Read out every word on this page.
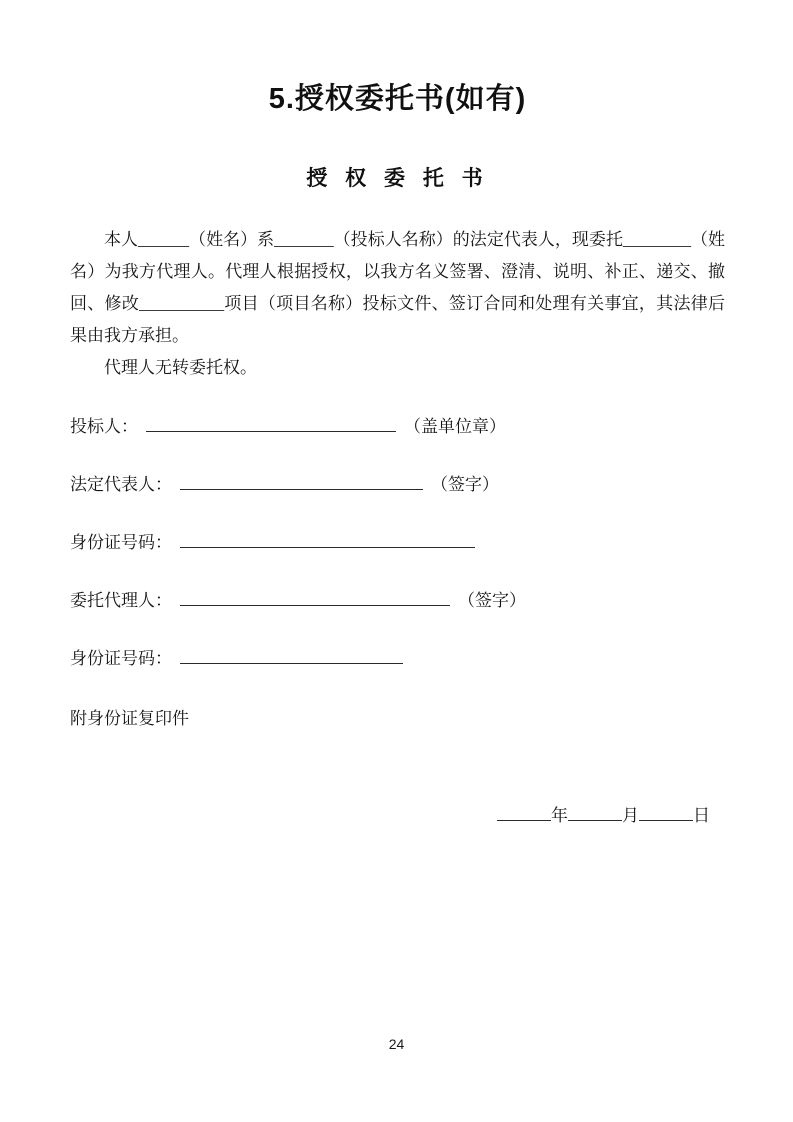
5.授权委托书(如有)
授 权 委 托 书

本人______（姓名）系_______（投标人名称）的法定代表人，现委托________（姓名）为我方代理人。代理人根据授权，以我方名义签署、澄清、说明、补正、递交、撤回、修改__________项目（项目名称）投标文件、签订合同和处理有关事宜，其法律后果由我方承担。

代理人无转委托权。

投标人：	（盖单位章）
法定代表人：	（签字）
身份证号码：
委托代理人：	（签字）
身份证号码：

附身份证复印件

年	月	日
24
